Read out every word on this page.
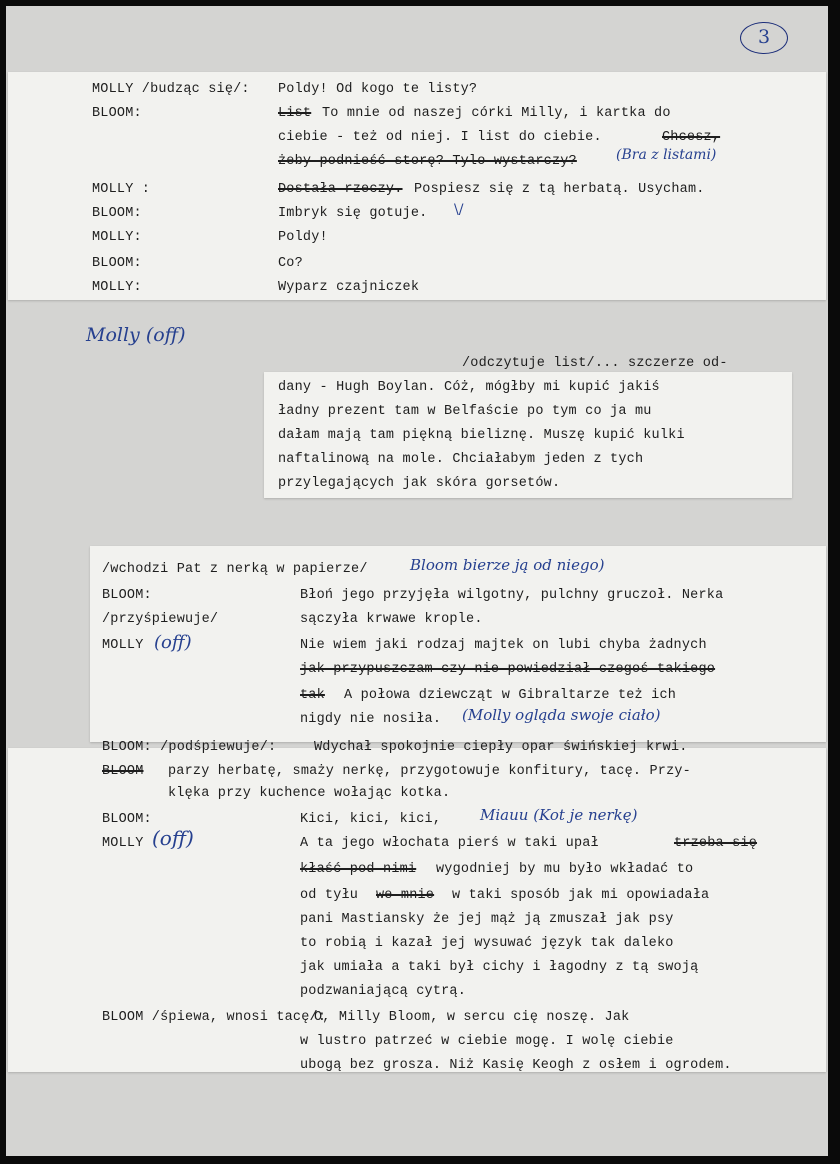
3
MOLLY /budząc się/: Poldy! Od kogo te listy?
BLOOM:	List To mnie od naszej córki Milly, i kartka do
ciebie - też od niej. I list do ciebie.	Chcesz,
żeby podnieść storę? Tylo wystarczy?	(Bra z listami)
MOLLY :	Dostała rzeczy. Pospiesz się z tą herbatą. Usycham.
BLOOM:	Imbryk się gotuje. \/
MOLLY:	Poldy!
BLOOM:	Co?
MOLLY:	Wyparz czajniczek
Molly (off)
/odczytuje list/... szczerze od-
dany - Hugh Boylan. Cóż, mógłby mi kupić jakiś
ładny prezent tam w Belfaście po tym co ja mu
dałam mają tam piękną bieliznę. Muszę kupić kulki
naftalinową na mole. Chciałabym jeden z tych
przylegających jak skóra gorsetów.
/wchodzi Pat z nerką w papierze/	Bloom bierze ją od niego)
BLOOM:	Błoń jego przyjęła wilgotny, pulchny gruczoł. Nerka
/przyśpiewuje/	sączyła krwawe krople.
MOLLY (off)	Nie wiem jaki rodzaj majtek on lubi chyba żadnych
jak przypuszczam czy nie powiedział czegoś takiego
tak A połowa dziewcząt w Gibraltarze też ich
nigdy nie nosiła. (Molly ogląda swoje ciało)
BLOOM: /podśpiewuje/:	Wdychał spokojnie ciepły opar świńskiej krwi.
BLOOM parzy herbatę, smaży nerkę, przygotowuje konfitury, tacę. Przy-
klęka przy kuchence wołając kotka.
BLOOM:	Kici, kici, kici,	Miauu (Kot je nerkę)
MOLLY (off)	A ta jego włochata pierś w taki upał	trzeba się
kłaść pod nimi wygodniej by mu było wkładać to
od tyłu we mnie w taki sposób jak mi opowiadała
pani Mastiansky że jej mąż ją zmuszał jak psy
to robią i kazał jej wysuwać język tak daleko
jak umiała a taki był cichy i łagodny z tą swoją
podzwaniającą cytrą.
BLOOM /śpiewa, wnosi tacę/:
O, Milly Bloom, w sercu cię noszę. Jak
w lustro patrzeć w ciebie mogę. I wolę ciebie
ubogą bez grosza. Niż Kasię Keogh z osłem i ogrodem.
